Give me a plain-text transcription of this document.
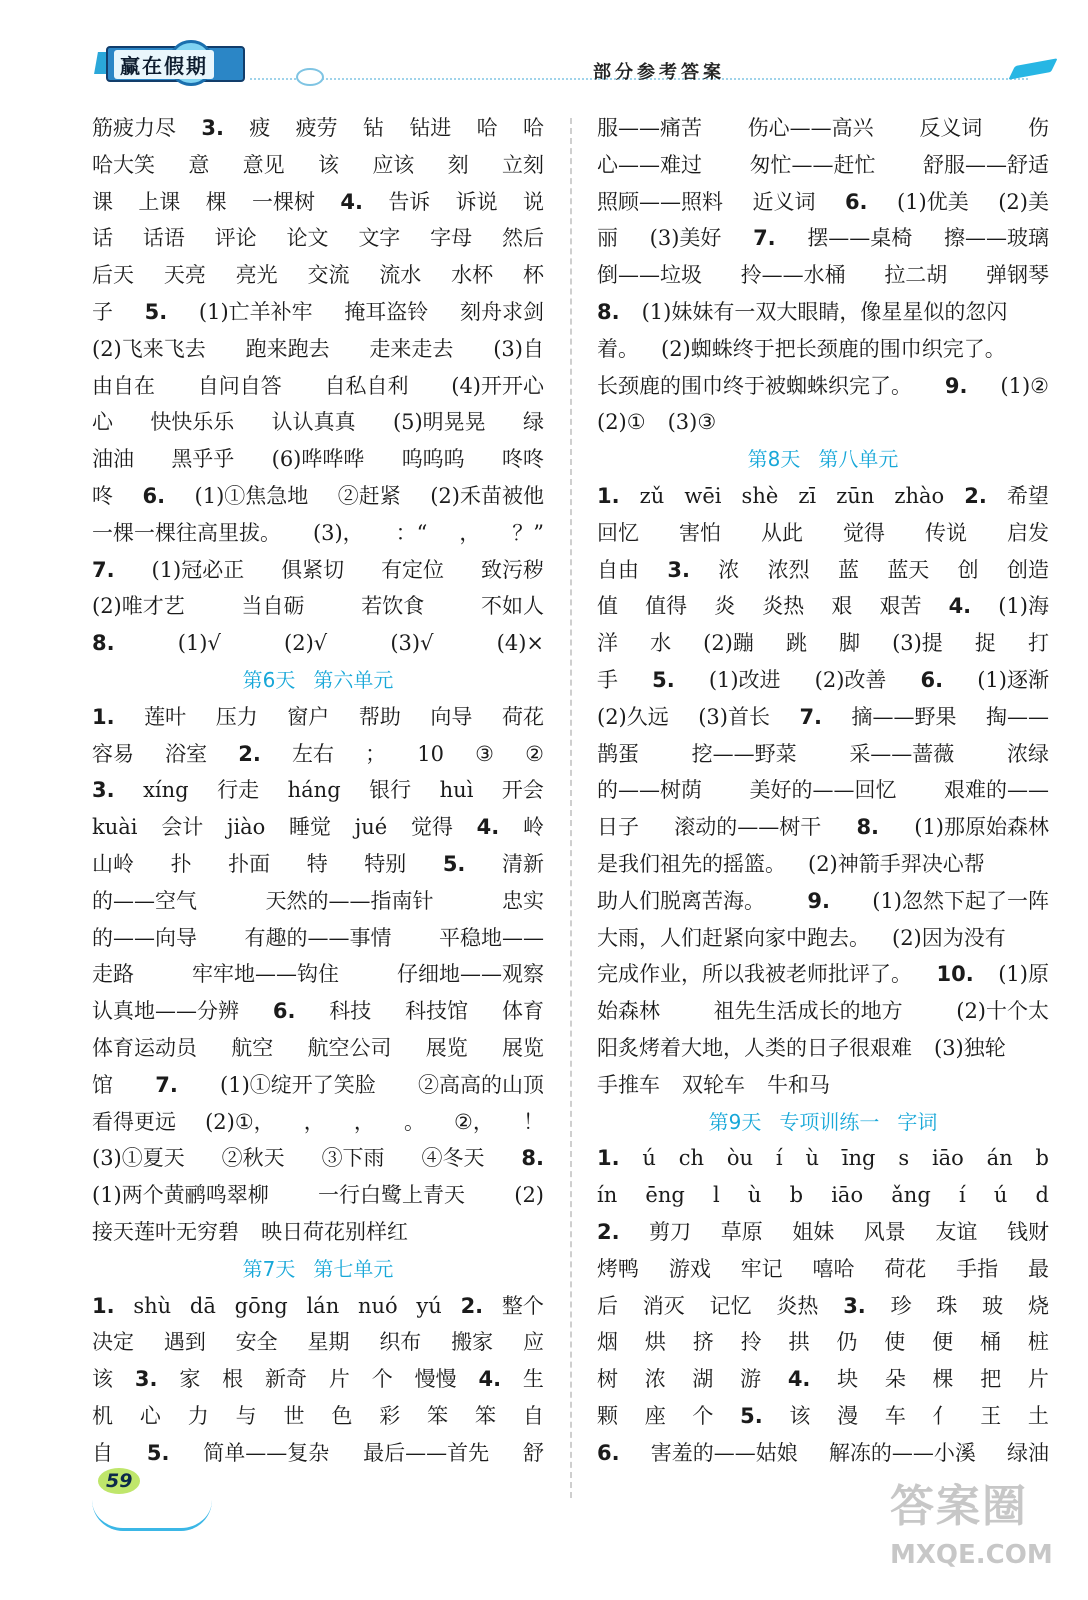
赢在假期	部分参考答案
筋疲力尽 3. 疲 疲劳 钻 钻进 哈 哈
哈大笑 意 意见 该 应该 刻 立刻
课 上课 棵 一棵树 4. 告诉 诉说 说
话 话语 评论 论文 文字 字母 然后
后天 天亮 亮光 交流 流水 水杯 杯
子 5. (1)亡羊补牢 掩耳盗铃 刻舟求剑
(2)飞来飞去 跑来跑去 走来走去 (3)自
由自在 自问自答 自私自利 (4)开开心
心 快快乐乐 认认真真 (5)明晃晃 绿
油油 黑乎乎 (6)哗哗哗 呜呜呜 咚咚
咚 6. (1)①焦急地 ②赶紧 (2)禾苗被他
一棵一棵往高里拔。 (3)， ：“ ， ？”
7. (1)冠必正 俱紧切 有定位 致污秽
(2)唯才艺	当自砺	若饮食	不如人
8.	(1)√	(2)√	(3)√	(4)×
第6天 第六单元
1. 莲叶 压力 窗户 帮助 向导 荷花
容易 浴室 2. 左右 ； 10 ③ ②
3. xíng 行走 háng 银行 huì 开会
kuài 会计 jiào 睡觉 jué 觉得 4. 岭
山岭 扑 扑面 特 特别 5. 清新
的——空气	天然的——指南针	忠实
的——向导 有趣的——事情 平稳地——
走路	牢牢地——钩住	仔细地——观察
认真地——分辨 6. 科技 科技馆 体育
体育运动员 航空 航空公司 展览 展览
馆 7. (1)①绽开了笑脸 ②高高的山顶
看得更远 (2)①， ， ， 。 ②， ！
(3)①夏天 ②秋天 ③下雨 ④冬天 8.
(1)两个黄鹂鸣翠柳 一行白鹭上青天 (2)
接天莲叶无穷碧 映日荷花别样红
第7天 第七单元
1. shù dā gōng lán nuó yú 2. 整个
决定 遇到 安全 星期 织布 搬家 应
该 3. 家 根 新奇 片 个 慢慢 4. 生
机 心 力 与 世 色 彩 笨 笨 自
自 5. 简单——复杂 最后——首先 舒
服——痛苦 伤心——高兴 反义词 伤
心——难过 匆忙——赶忙 舒服——舒适
照顾——照料 近义词 6. (1)优美 (2)美
丽 (3)美好 7. 摆——桌椅 擦——玻璃
倒——垃圾 拎——水桶 拉二胡 弹钢琴
8. (1)妹妹有一双大眼睛，像星星似的忽闪
着。 (2)蜘蛛终于把长颈鹿的围巾织完了。
长颈鹿的围巾终于被蜘蛛织完了。 9. (1)②
(2)① (3)③
第8天 第八单元
1. zǔ wēi shè zī zūn zhào 2. 希望
回忆 害怕 从此 觉得 传说 启发
自由 3. 浓 浓烈 蓝 蓝天 创 创造
值 值得 炎 炎热 艰 艰苦 4. (1)海
洋 水 (2)蹦 跳 脚 (3)提 捉 打
手 5. (1)改进 (2)改善 6. (1)逐渐
(2)久远 (3)首长 7. 摘——野果 掏——
鹊蛋	挖——野菜	采——蔷薇	浓绿
的——树荫 美好的——回忆 艰难的——
日子 滚动的——树干 8. (1)那原始森林
是我们祖先的摇篮。 (2)神箭手羿决心帮
助人们脱离苦海。 9. (1)忽然下起了一阵
大雨，人们赶紧向家中跑去。 (2)因为没有
完成作业，所以我被老师批评了。 10. (1)原
始森林	祖先生活成长的地方	(2)十个太
阳炙烤着大地，人类的日子很艰难 (3)独轮
手推车 双轮车 牛和马
第9天 专项训练一 字词
1. ú ch òu í ù īng s iāo án b
ín ēng l ù b iāo ǎng í ú d
2. 剪刀 草原 姐妹 风景 友谊 钱财
烤鸭 游戏 牢记 嘻哈 荷花 手指 最
后 消灭 记忆 炎热 3. 珍 珠 玻 烧
烟 烘 挤 拎 拱 仍 使 便 桶 桩
树 浓 湖 游 4. 块 朵 棵 把 片
颗 座 个 5. 该 漫 车 亻 王 土
6. 害羞的——姑娘 解冻的——小溪 绿油
59	答案圈
MXQE.COM
